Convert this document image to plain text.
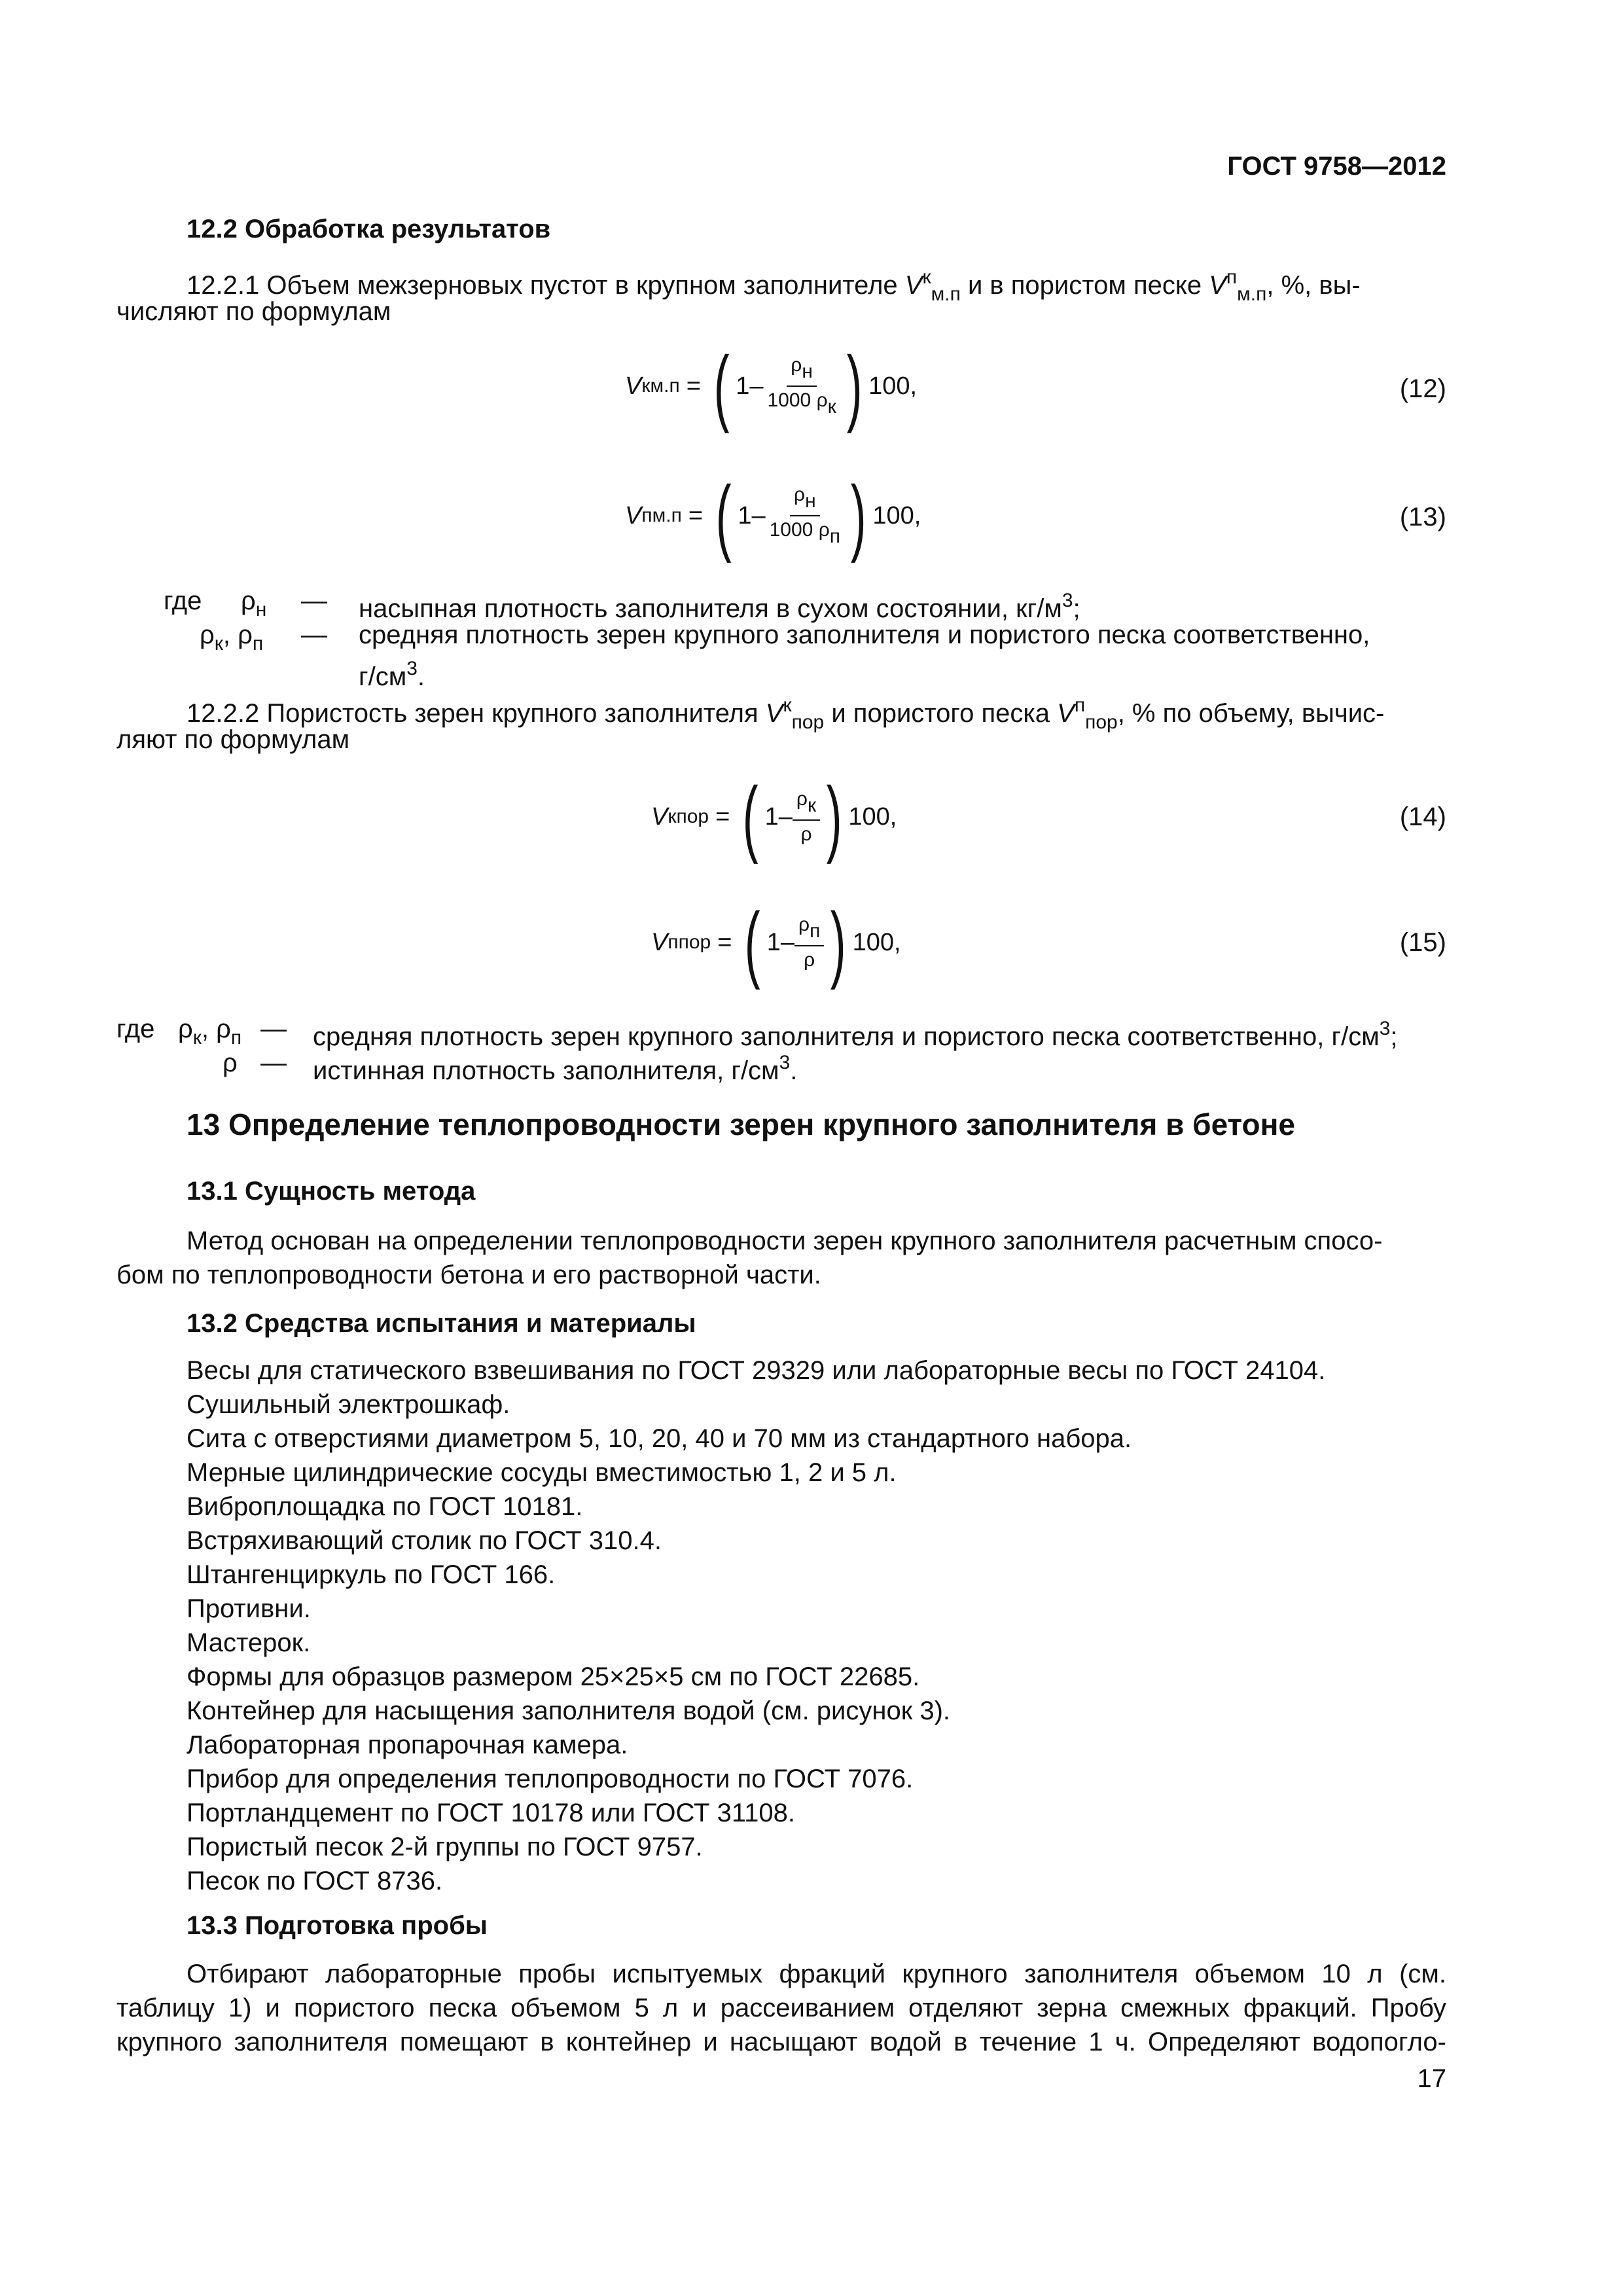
ГОСТ 9758—2012
12.2 Обработка результатов
12.2.1 Объем межзерновых пустот в крупном заполнителе $V^к_{м.п}$ и в пористом песке $V^п_{м.п}$, %, вы-
числяют по формулам
V к м.п = ( $1- \frac{\rho н}{1000 \rho к}$ ) 100,	(12)
V п м.п = ( $1- \frac{\rho н}{1000 \rho п}$ ) 100,	(13)
где $\rho_н$ — насыпная плотность заполнителя в сухом состоянии, $кг/м^3$;
$\rho_к$, $\rho_п$ — средняя плотность зерен крупного заполнителя и пористого песка соответственно,
$г/см^3$.
12.2.2 Пористость зерен крупного заполнителя $V^к_{пор}$ и пористого песка $V^п_{пор}$, % по объему, вычис-
ляют по формулам
V к пор = ( $1- \frac{\rho к}{\rho}$ ) 100,	(14)
V п пор = ( $1- \frac{\rho п}{\rho}$ ) 100,	(15)
где $\rho_к$, $\rho_п$ — средняя плотность зерен крупного заполнителя и пористого песка соответственно, $г/см^3$;
ρ — истинная плотность заполнителя, $г/см^3$.
13 Определение теплопроводности зерен крупного заполнителя в бетоне
13.1 Сущность метода
Метод основан на определении теплопроводности зерен крупного заполнителя расчетным спосо-
бом по теплопроводности бетона и его растворной части.
13.2 Средства испытания и материалы
Весы для статического взвешивания по ГОСТ 29329 или лабораторные весы по ГОСТ 24104.
Сушильный электрошкаф.
Сита с отверстиями диаметром 5, 10, 20, 40 и 70 мм из стандартного набора.
Мерные цилиндрические сосуды вместимостью 1, 2 и 5 л.
Виброплощадка по ГОСТ 10181.
Встряхивающий столик по ГОСТ 310.4.
Штангенциркуль по ГОСТ 166.
Противни.
Мастерок.
Формы для образцов размером 25×25×5 см по ГОСТ 22685.
Контейнер для насыщения заполнителя водой (см. рисунок 3).
Лабораторная пропарочная камера.
Прибор для определения теплопроводности по ГОСТ 7076.
Портландцемент по ГОСТ 10178 или ГОСТ 31108.
Пористый песок 2-й группы по ГОСТ 9757.
Песок по ГОСТ 8736.
13.3 Подготовка пробы
Отбирают лабораторные пробы испытуемых фракций крупного заполнителя объемом 10 л (см.
таблицу 1) и пористого песка объемом 5 л и рассеиванием отделяют зерна смежных фракций. Пробу
крупного заполнителя помещают в контейнер и насыщают водой в течение 1 ч. Определяют водопогло-
17
